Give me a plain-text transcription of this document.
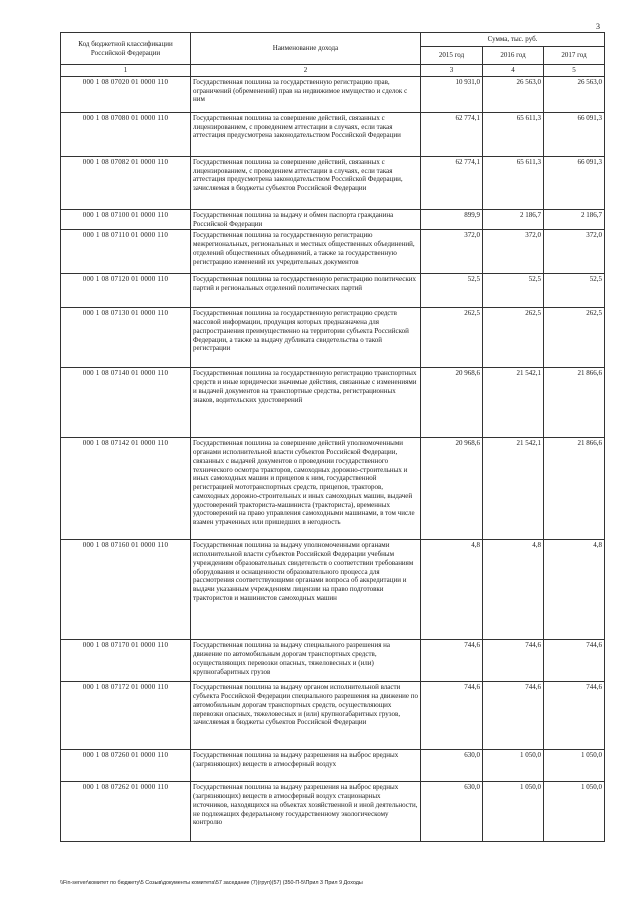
3
Код бюджетной классификации Российской Федерации	Наименование дохода	Сумма, тыс. руб.		
		2015 год	2016 год	2017 год
1	2	3	4	5
000 1 08 07020 01 0000 110	Государственная пошлина за государственную регистрацию прав, ограничений (обременений) прав на недвижимое имущество и сделок с ним	10 931,0	26 563,0	26 563,0
000 1 08 07080 01 0000 110	Государственная пошлина за совершение действий, связанных с лицензированием, с проведением аттестации в случаях, если такая аттестация предусмотрена законодательством Российской Федерации	62 774,1	65 611,3	66 091,3
000 1 08 07082 01 0000 110	Государственная пошлина за совершение действий, связанных с лицензированием, с проведением аттестации в случаях, если такая аттестация предусмотрена законодательством Российской Федерации, зачисляемая в бюджеты субъектов Российской Федерации	62 774,1	65 611,3	66 091,3
000 1 08 07100 01 0000 110	Государственная пошлина за выдачу и обмен паспорта гражданина Российской Федерации	899,9	2 186,7	2 186,7
000 1 08 07110 01 0000 110	Государственная пошлина за государственную регистрацию межрегиональных, региональных и местных общественных объединений, отделений общественных объединений, а также за государственную регистрацию изменений их учредительных документов	372,0	372,0	372,0
000 1 08 07120 01 0000 110	Государственная пошлина за государственную регистрацию политических партий и региональных отделений политических партий	52,5	52,5	52,5
000 1 08 07130 01 0000 110	Государственная пошлина за государственную регистрацию средств массовой информации, продукция которых предназначена для распространения преимущественно на территории субъекта Российской Федерации, а также за выдачу дубликата свидетельства о такой регистрации	262,5	262,5	262,5
000 1 08 07140 01 0000 110	Государственная пошлина за государственную регистрацию транспортных средств и иные юридически значимые действия, связанные с изменениями и выдачей документов на транспортные средства, регистрационных знаков, водительских удостоверений	20 968,6	21 542,1	21 866,6
000 1 08 07142 01 0000 110	Государственная пошлина за совершение действий уполномоченными органами исполнительной власти субъектов Российской Федерации, связанных с выдачей документов о проведении государственного технического осмотра тракторов, самоходных дорожно-строительных и иных самоходных машин и прицепов к ним, государственной регистрацией мототранспортных средств, прицепов, тракторов, самоходных дорожно-строительных и иных самоходных машин, выдачей удостоверений тракториста-машиниста (тракториста), временных удостоверений на право управления самоходными машинами, в том числе взамен утраченных или пришедших в негодность	20 968,6	21 542,1	21 866,6
000 1 08 07160 01 0000 110	Государственная пошлина за выдачу уполномоченными органами исполнительной власти субъектов Российской Федерации учебным учреждениям образовательных свидетельств о соответствии требованиям оборудования и оснащенности образовательного процесса для рассмотрения соответствующими органами вопроса об аккредитации и выдачи указанным учреждениям лицензии на право подготовки трактористов и машинистов самоходных машин	4,8	4,8	4,8
000 1 08 07170 01 0000 110	Государственная пошлина за выдачу специального разрешения на движение по автомобильным дорогам транспортных средств, осуществляющих перевозки опасных, тяжеловесных и (или) крупногабаритных грузов	744,6	744,6	744,6
000 1 08 07172 01 0000 110	Государственная пошлина за выдачу органом исполнительной власти субъекта Российской Федерации специального разрешения на движение по автомобильным дорогам транспортных средств, осуществляющих перевозки опасных, тяжеловесных и (или) крупногабаритных грузов, зачисляемая в бюджеты субъектов Российской Федерации	744,6	744,6	744,6
000 1 08 07260 01 0000 110	Государственная пошлина за выдачу разрешения на выброс вредных (загрязняющих) веществ в атмосферный воздух	630,0	1 050,0	1 050,0
000 1 08 07262 01 0000 110	Государственная пошлина за выдачу разрешения на выброс вредных (загрязняющих) веществ в атмосферный воздух стационарных источников, находящихся на объектах хозяйственной и иной деятельности, не подлежащих федеральному государственному экологическому контролю	630,0	1 050,0	1 050,0
\\Fin-server\комитет по бюджету\5 Созыв\документы комитета\57 заседание (7)(груп)(57) (350-П-5\Прил 3 Прил 9 Доходы
